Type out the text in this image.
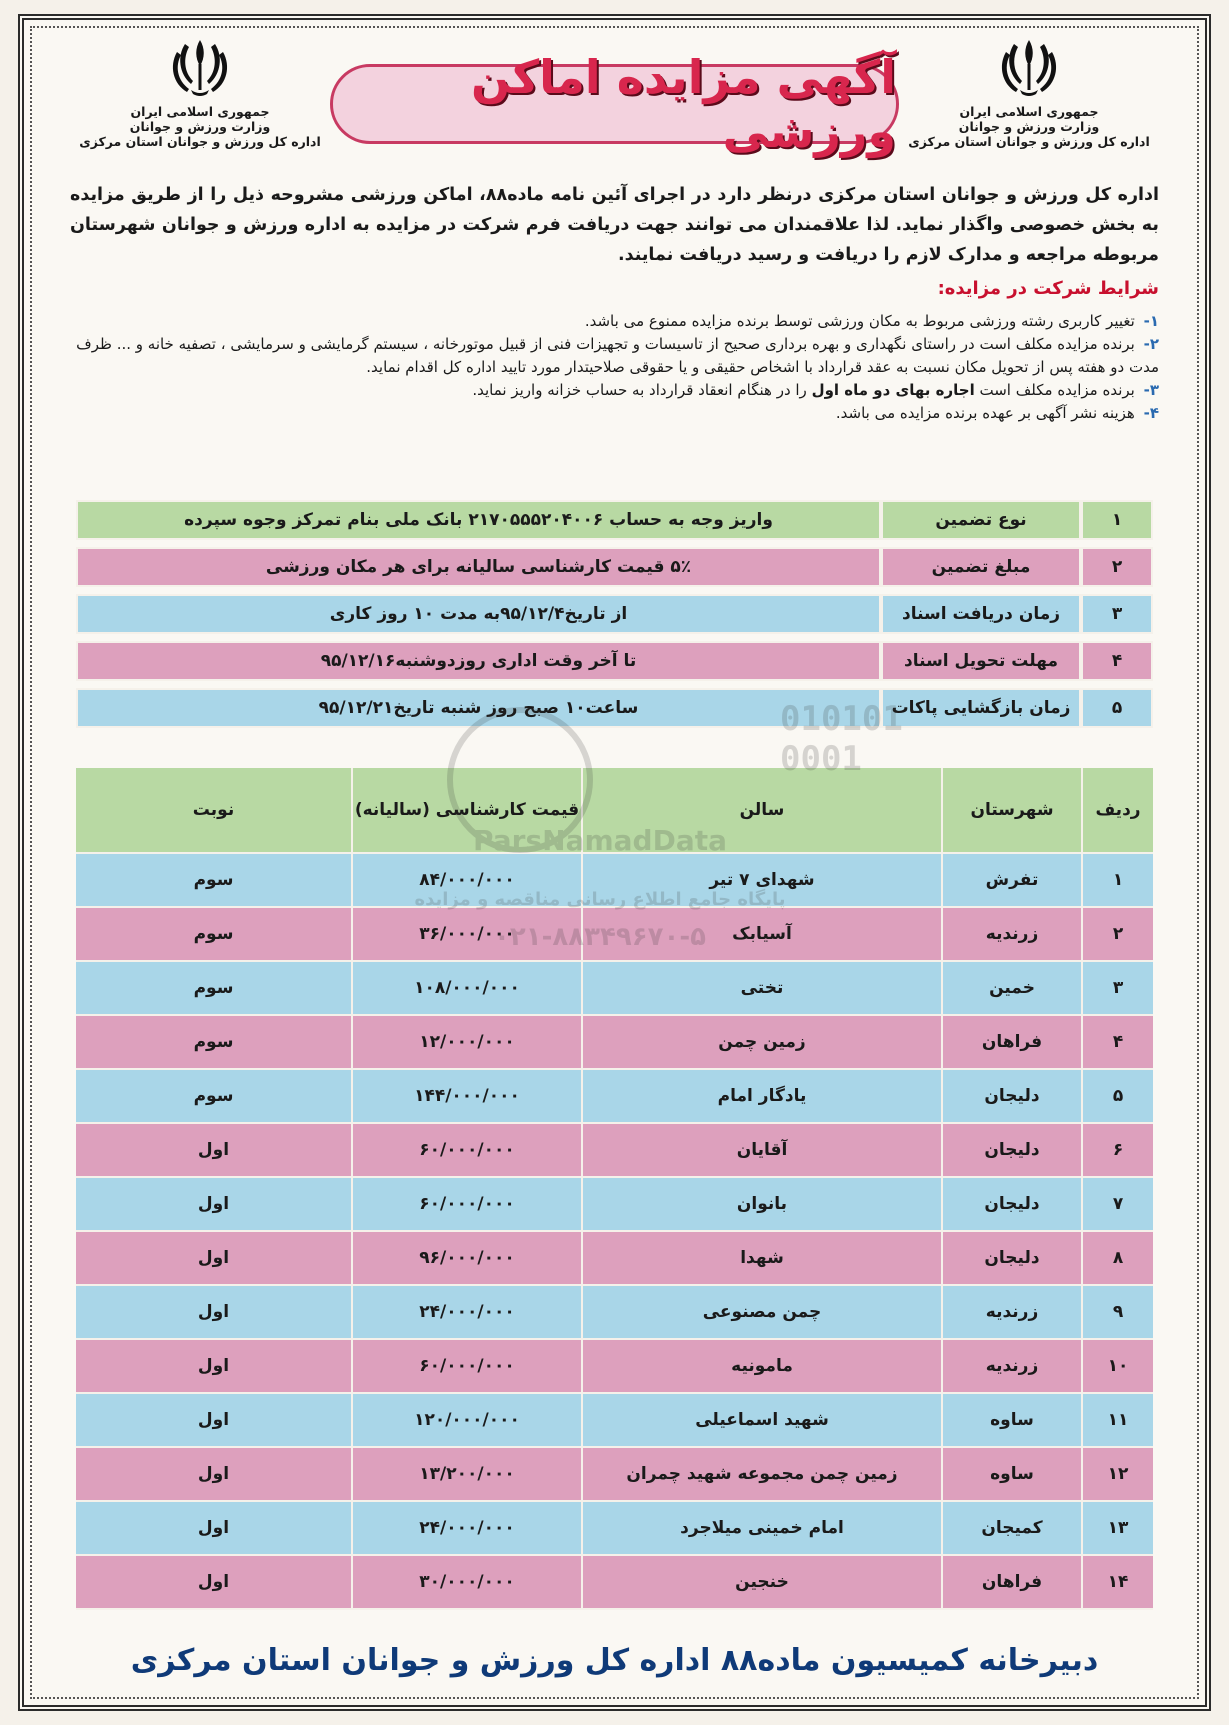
جمهوری اسلامی ایران
وزارت ورزش و جوانان
اداره کل ورزش و جوانان استان مرکزی
آگهی مزایده اماکن ورزشی
جمهوری اسلامی ایران
وزارت ورزش و جوانان
اداره کل ورزش و جوانان استان مرکزی

اداره کل ورزش و جوانان استان مرکزی درنظر دارد در اجرای آئین نامه ماده۸۸، اماکن ورزشی مشروحه ذیل را از طریق مزایده به بخش خصوصی واگذار نماید. لذا علاقمندان می توانند جهت دریافت فرم شرکت در مزایده به اداره ورزش و جوانان شهرستان مربوطه مراجعه و مدارک لازم را دریافت و رسید دریافت نمایند.

شرایط شرکت در مزایده:
۱- تغییر کاربری رشته ورزشی مربوط به مکان ورزشی توسط برنده مزایده ممنوع می باشد.
۲- برنده مزایده مکلف است در راستای نگهداری و بهره برداری صحیح از تاسیسات و تجهیزات فنی از قبیل موتورخانه ، سیستم گرمایشی و سرمایشی ، تصفیه خانه و ... ظرف مدت دو هفته پس از تحویل مکان نسبت به عقد قرارداد با اشخاص حقیقی و یا حقوقی صلاحیتدار مورد تایید اداره کل اقدام نماید.
۳- برنده مزایده مکلف است اجاره بهای دو ماه اول را در هنگام انعقاد قرارداد به حساب خزانه واریز نماید.
۴- هزینه نشر آگهی بر عهده برنده مزایده می باشد.
۱
نوع تضمین
واریز وجه به حساب ۲۱۷۰۵۵۵۲۰۴۰۰۶ بانک ملی بنام تمرکز وجوه سپرده
۲
مبلغ تضمین
۵٪ قیمت کارشناسی سالیانه برای هر مکان ورزشی
۳
زمان دریافت اسناد
از تاریخ۹۵/۱۲/۴به مدت ۱۰ روز کاری
۴
مهلت تحویل اسناد
تا آخر وقت اداری روزدوشنبه۹۵/۱۲/۱۶
۵
زمان بازگشایی پاکات
ساعت۱۰ صبح روز شنبه تاریخ۹۵/۱۲/۲۱
ردیف
شهرستان
سالن
قیمت کارشناسی (سالیانه)
نوبت
۱
تفرش
شهدای ۷ تیر
۸۴/۰۰۰/۰۰۰
سوم
۲
زرندیه
آسیابک
۳۶/۰۰۰/۰۰۰
سوم
۳
خمین
تختی
۱۰۸/۰۰۰/۰۰۰
سوم
۴
فراهان
زمین چمن
۱۲/۰۰۰/۰۰۰
سوم
۵
دلیجان
یادگار امام
۱۴۴/۰۰۰/۰۰۰
سوم
۶
دلیجان
آقایان
۶۰/۰۰۰/۰۰۰
اول
۷
دلیجان
بانوان
۶۰/۰۰۰/۰۰۰
اول
۸
دلیجان
شهدا
۹۶/۰۰۰/۰۰۰
اول
۹
زرندیه
چمن مصنوعی
۲۴/۰۰۰/۰۰۰
اول
۱۰
زرندیه
مامونیه
۶۰/۰۰۰/۰۰۰
اول
۱۱
ساوه
شهید اسماعیلی
۱۲۰/۰۰۰/۰۰۰
اول
۱۲
ساوه
زمین چمن مجموعه شهید چمران
۱۳/۲۰۰/۰۰۰
اول
۱۳
کمیجان
امام خمینی میلاجرد
۲۴/۰۰۰/۰۰۰
اول
۱۴
فراهان
خنجین
۳۰/۰۰۰/۰۰۰
اول
دبیرخانه کمیسیون ماده۸۸ اداره کل ورزش و جوانان استان مرکزی
